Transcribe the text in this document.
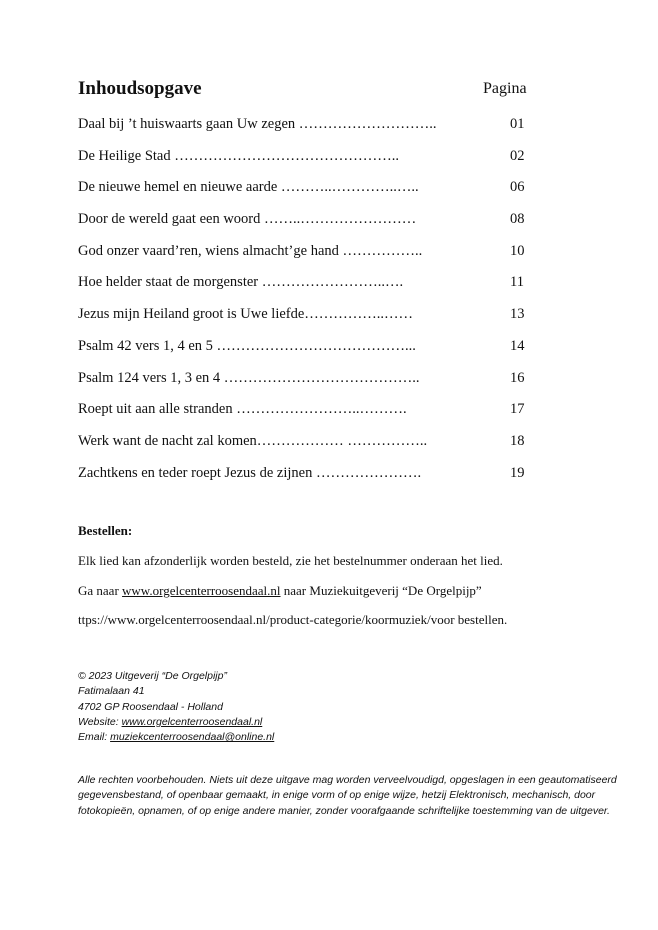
Inhoudsopgave	Pagina
Daal bij ’t huiswaarts gaan Uw zegen ………………………..	01
De Heilige Stad ………………………………………..	02
De nieuwe hemel en nieuwe aarde ………..…………..…..	06
Door de wereld gaat een woord ……..……………………	08
God onzer vaard’ren, wiens almacht’ge hand ……………..	10
Hoe helder staat de morgenster ……………………..….	11
Jezus mijn Heiland groot is Uwe liefde……………..……	13
Psalm 42 vers 1, 4 en 5 …………………………………...	14
Psalm 124 vers 1, 3 en 4 …………………………………..	16
Roept uit aan alle stranden ……………………..……….	17
Werk want de nacht zal komen……………… ……………..	18
Zachtkens en teder roept Jezus de zijnen ………………….	19
Bestellen:
Elk lied kan afzonderlijk worden besteld, zie het bestelnummer onderaan het lied.
Ga naar www.orgelcenterroosendaal.nl naar Muziekuitgeverij “De Orgelpijp”
ttps://www.orgelcenterroosendaal.nl/product-categorie/koormuziek/voor bestellen.
© 2023 Uitgeverij “De Orgelpijp”
Fatimalaan 41
4702 GP Roosendaal - Holland
Website: www.orgelcenterroosendaal.nl
Email: muziekcenterroosendaal@online.nl
Alle rechten voorbehouden. Niets uit deze uitgave mag worden verveelvoudigd, opgeslagen in een geautomatiseerd gegevensbestand, of openbaar gemaakt, in enige vorm of op enige wijze, hetzij Elektronisch, mechanisch, door fotokopieën, opnamen, of op enige andere manier, zonder voorafgaande schriftelijke toestemming van de uitgever.
